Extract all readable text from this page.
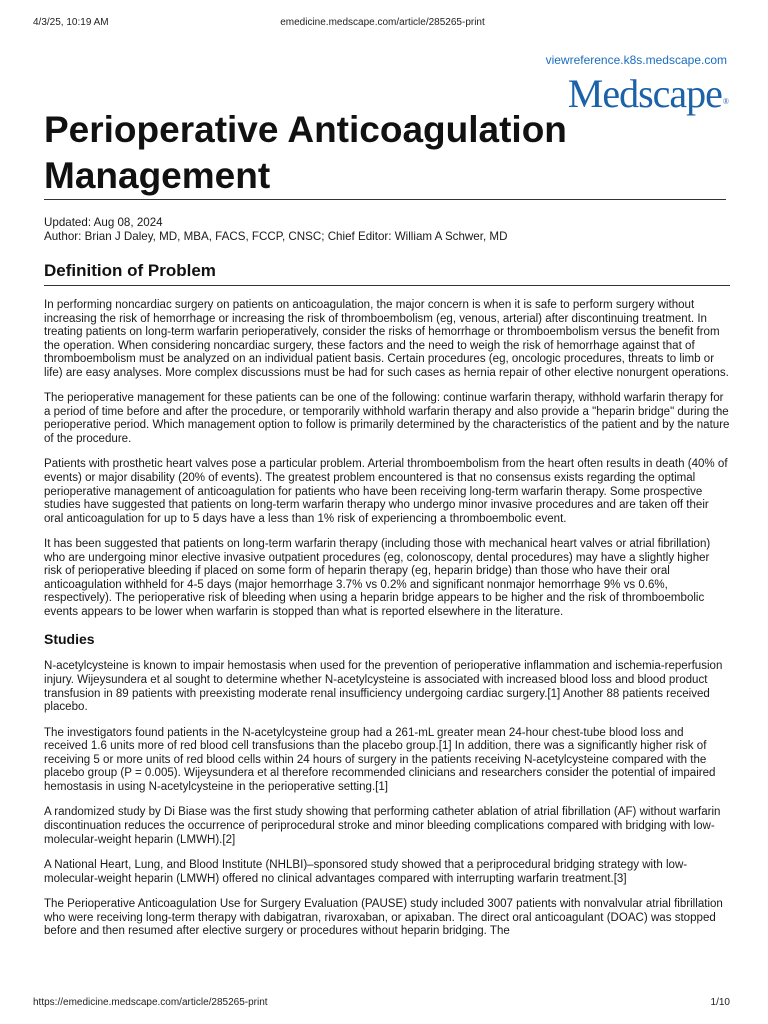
4/3/25, 10:19 AM	emedicine.medscape.com/article/285265-print
viewreference.k8s.medscape.com
Med scape ®
Perioperative Anticoagulation Management
Updated: Aug 08, 2024
Author: Brian J Daley, MD, MBA, FACS, FCCP, CNSC; Chief Editor: William A Schwer, MD
Definition of Problem

In performing noncardiac surgery on patients on anticoagulation, the major concern is when it is safe to perform surgery without increasing the risk of hemorrhage or increasing the risk of thromboembolism (eg, venous, arterial) after discontinuing treatment. In treating patients on long-term warfarin perioperatively, consider the risks of hemorrhage or thromboembolism versus the benefit from the operation. When considering noncardiac surgery, these factors and the need to weigh the risk of hemorrhage against that of thromboembolism must be analyzed on an individual patient basis. Certain procedures (eg, oncologic procedures, threats to limb or life) are easy analyses. More complex discussions must be had for such cases as hernia repair of other elective nonurgent operations.

The perioperative management for these patients can be one of the following: continue warfarin therapy, withhold warfarin therapy for a period of time before and after the procedure, or temporarily withhold warfarin therapy and also provide a "heparin bridge" during the perioperative period. Which management option to follow is primarily determined by the characteristics of the patient and by the nature of the procedure.

Patients with prosthetic heart valves pose a particular problem. Arterial thromboembolism from the heart often results in death (40% of events) or major disability (20% of events). The greatest problem encountered is that no consensus exists regarding the optimal perioperative management of anticoagulation for patients who have been receiving long-term warfarin therapy. Some prospective studies have suggested that patients on long-term warfarin therapy who undergo minor invasive procedures and are taken off their oral anticoagulation for up to 5 days have a less than 1% risk of experiencing a thromboembolic event.

It has been suggested that patients on long-term warfarin therapy (including those with mechanical heart valves or atrial fibrillation) who are undergoing minor elective invasive outpatient procedures (eg, colonoscopy, dental procedures) may have a slightly higher risk of perioperative bleeding if placed on some form of heparin therapy (eg, heparin bridge) than those who have their oral anticoagulation withheld for 4-5 days (major hemorrhage 3.7% vs 0.2% and significant nonmajor hemorrhage 9% vs 0.6%, respectively). The perioperative risk of bleeding when using a heparin bridge appears to be higher and the risk of thromboembolic events appears to be lower when warfarin is stopped than what is reported elsewhere in the literature.

Studies

N-acetylcysteine is known to impair hemostasis when used for the prevention of perioperative inflammation and ischemia-reperfusion injury. Wijeysundera et al sought to determine whether N-acetylcysteine is associated with increased blood loss and blood product transfusion in 89 patients with preexisting moderate renal insufficiency undergoing cardiac surgery.[1] Another 88 patients received placebo.

The investigators found patients in the N-acetylcysteine group had a 261-mL greater mean 24-hour chest-tube blood loss and received 1.6 units more of red blood cell transfusions than the placebo group.[1] In addition, there was a significantly higher risk of receiving 5 or more units of red blood cells within 24 hours of surgery in the patients receiving N-acetylcysteine compared with the placebo group (P = 0.005). Wijeysundera et al therefore recommended clinicians and researchers consider the potential of impaired hemostasis in using N-acetylcysteine in the perioperative setting.[1]

A randomized study by Di Biase was the first study showing that performing catheter ablation of atrial fibrillation (AF) without warfarin discontinuation reduces the occurrence of periprocedural stroke and minor bleeding complications compared with bridging with low-molecular-weight heparin (LMWH).[2]

A National Heart, Lung, and Blood Institute (NHLBI)–sponsored study showed that a periprocedural bridging strategy with low-molecular-weight heparin (LMWH) offered no clinical advantages compared with interrupting warfarin treatment.[3]

The Perioperative Anticoagulation Use for Surgery Evaluation (PAUSE) study included 3007 patients with nonvalvular atrial fibrillation who were receiving long-term therapy with dabigatran, rivaroxaban, or apixaban. The direct oral anticoagulant (DOAC) was stopped before and then resumed after elective surgery or procedures without heparin bridging. The

https://emedicine.medscape.com/article/285265-print	1/10
